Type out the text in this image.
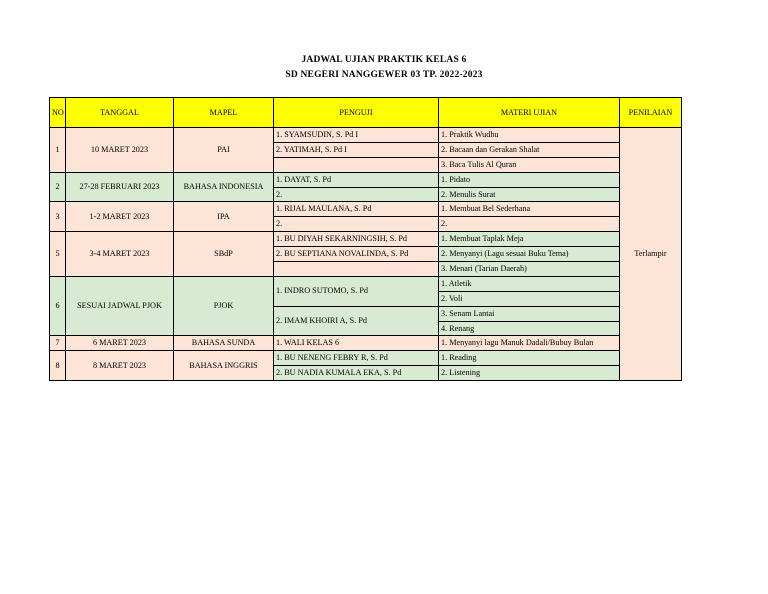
JADWAL UJIAN PRAKTIK KELAS 6
SD NEGERI NANGGEWER 03 TP. 2022-2023
NO	TANGGAL	MAPEL	PENGUJI	MATERI UJIAN	PENILAIAN
1	10 MARET 2023	PAI	1. SYAMSUDIN, S. Pd I	1. Praktik Wudhu	Terlampir
			2. YATIMAH, S. Pd I	2. Bacaan dan Gerakan Shalat	
				3. Baca Tulis Al Quran	
2	27-28 FEBRUARI 2023	BAHASA INDONESIA	1. DAYAT, S. Pd	1. Pidato	
			2.	2. Menulis Surat	
3	1-2 MARET 2023	IPA	1. RIJAL MAULANA, S. Pd	1. Membuat Bel Sederhana	
			2.	2.	
5	3-4 MARET 2023	SBdP	1. BU DIYAH SEKARNINGSIH, S. Pd	1. Membuat Taplak Meja	
			2. BU SEPTIANA NOVALINDA, S. Pd	2. Menyanyi (Lagu sesuai Buku Tema)	
				3. Menari (Tarian Daerah)	
6	SESUAI JADWAL PJOK	PJOK	1. INDRO SUTOMO, S. Pd	1. Atletik	
				2. Voli	
			2. IMAM KHOIRI A, S. Pd	3. Senam Lantai	
				4. Renang	
7	6 MARET 2023	BAHASA SUNDA	1. WALI KELAS 6	1. Menyanyi lagu Manuk Dadali/Bubuy Bulan	
8	8 MARET 2023	BAHASA INGGRIS	1. BU NENENG FEBRY R, S. Pd	1. Reading	
			2. BU NADIA KUMALA EKA, S. Pd	2. Listening	
